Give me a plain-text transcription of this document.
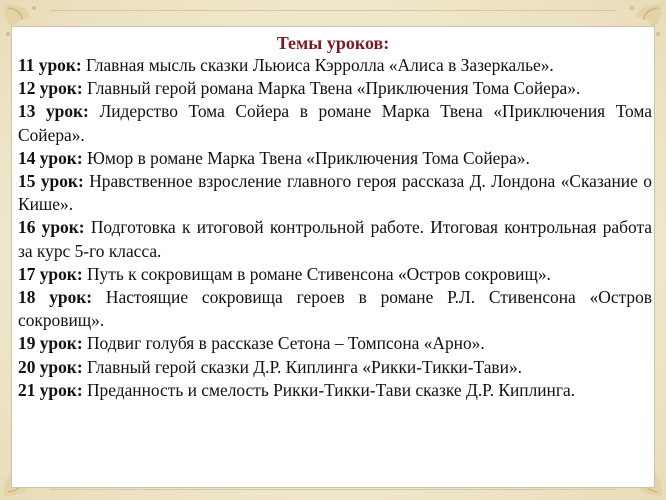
Темы уроков:
11 урок: Главная мысль сказки Льюиса Кэрролла «Алиса в Зазеркалье».
12 урок: Главный герой романа Марка Твена «Приключения Тома Сойера».
13 урок: Лидерство Тома Сойера в романе Марка Твена «Приключения Тома Сойера».
14 урок: Юмор в романе Марка Твена «Приключения Тома Сойера».
15 урок: Нравственное взросление главного героя рассказа Д. Лондона «Сказание о Кише».
16 урок: Подготовка к итоговой контрольной работе. Итоговая контрольная работа за курс 5-го класса.
17 урок: Путь к сокровищам в романе Стивенсона «Остров сокровищ».
18 урок: Настоящие сокровища героев в романе Р.Л. Стивенсона «Остров сокровищ».
19 урок: Подвиг голубя в рассказе Сетона – Томпсона «Арно».
20 урок: Главный герой сказки Д.Р. Киплинга «Рикки-Тикки-Тави».
21 урок: Преданность и смелость Рикки-Тикки-Тави сказке Д.Р. Киплинга.
